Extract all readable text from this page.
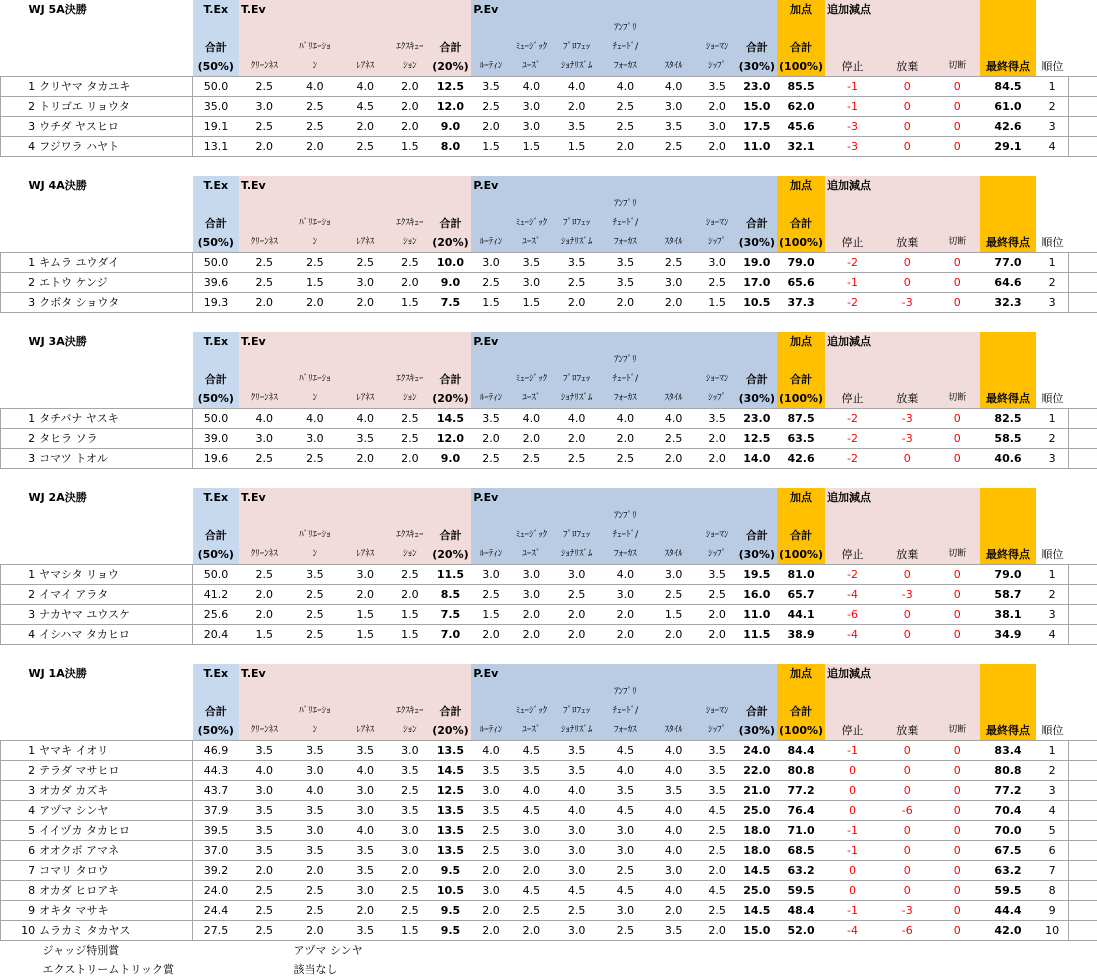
WJ 5A決勝		T.Ex	T.Ev					P.Ev							加点	追加減点					
											ｱﾝﾌﾟﾘ										
		合計		ﾊﾞﾘｴｰｼｮ		ｴｸｽｷｭｰ	合計		ﾐｭｰｼﾞｯｸ	ﾌﾟﾛﾌｪｯ	ﾁｭｰﾄﾞ/		ｼｮｰﾏﾝ	合計	合計						
		(50%)	ｸﾘｰﾝﾈｽ	ﾝ	ﾚｱﾈｽ	ｼｮﾝ	(20%)	ﾙｰﾃｨﾝ	ﾕｰｽﾞ	ｼｮﾅﾘｽﾞﾑ	ﾌｫｰｶｽ	ｽﾀｲﾙ	ｼｯﾌﾟ	(30%)	(100%)	停止	放棄	切断	最終得点	順位	
1	クリヤマ タカユキ	50.0	2.5	4.0	4.0	2.0	12.5	3.5	4.0	4.0	4.0	4.0	3.5	23.0	85.5	-1	0	0	84.5	1	
2	トリゴエ リョウタ	35.0	3.0	2.5	4.5	2.0	12.0	2.5	3.0	2.0	2.5	3.0	2.0	15.0	62.0	-1	0	0	61.0	2	
3	ウチダ ヤスヒロ	19.1	2.5	2.5	2.0	2.0	9.0	2.0	3.0	3.5	2.5	3.5	3.0	17.5	45.6	-3	0	0	42.6	3	
4	フジワラ ハヤト	13.1	2.0	2.0	2.5	1.5	8.0	1.5	1.5	1.5	2.0	2.5	2.0	11.0	32.1	-3	0	0	29.1	4	

WJ 4A決勝		T.Ex	T.Ev					P.Ev							加点	追加減点					
											ｱﾝﾌﾟﾘ										
		合計		ﾊﾞﾘｴｰｼｮ		ｴｸｽｷｭｰ	合計		ﾐｭｰｼﾞｯｸ	ﾌﾟﾛﾌｪｯ	ﾁｭｰﾄﾞ/		ｼｮｰﾏﾝ	合計	合計						
		(50%)	ｸﾘｰﾝﾈｽ	ﾝ	ﾚｱﾈｽ	ｼｮﾝ	(20%)	ﾙｰﾃｨﾝ	ﾕｰｽﾞ	ｼｮﾅﾘｽﾞﾑ	ﾌｫｰｶｽ	ｽﾀｲﾙ	ｼｯﾌﾟ	(30%)	(100%)	停止	放棄	切断	最終得点	順位	
1	キムラ ユウダイ	50.0	2.5	2.5	2.5	2.5	10.0	3.0	3.5	3.5	3.5	2.5	3.0	19.0	79.0	-2	0	0	77.0	1	
2	エトウ ケンジ	39.6	2.5	1.5	3.0	2.0	9.0	2.5	3.0	2.5	3.5	3.0	2.5	17.0	65.6	-1	0	0	64.6	2	
3	クボタ ショウタ	19.3	2.0	2.0	2.0	1.5	7.5	1.5	1.5	2.0	2.0	2.0	1.5	10.5	37.3	-2	-3	0	32.3	3	

WJ 3A決勝		T.Ex	T.Ev					P.Ev							加点	追加減点					
											ｱﾝﾌﾟﾘ										
		合計		ﾊﾞﾘｴｰｼｮ		ｴｸｽｷｭｰ	合計		ﾐｭｰｼﾞｯｸ	ﾌﾟﾛﾌｪｯ	ﾁｭｰﾄﾞ/		ｼｮｰﾏﾝ	合計	合計						
		(50%)	ｸﾘｰﾝﾈｽ	ﾝ	ﾚｱﾈｽ	ｼｮﾝ	(20%)	ﾙｰﾃｨﾝ	ﾕｰｽﾞ	ｼｮﾅﾘｽﾞﾑ	ﾌｫｰｶｽ	ｽﾀｲﾙ	ｼｯﾌﾟ	(30%)	(100%)	停止	放棄	切断	最終得点	順位	
1	タチバナ ヤスキ	50.0	4.0	4.0	4.0	2.5	14.5	3.5	4.0	4.0	4.0	4.0	3.5	23.0	87.5	-2	-3	0	82.5	1	
2	タヒラ ソラ	39.0	3.0	3.0	3.5	2.5	12.0	2.0	2.0	2.0	2.0	2.5	2.0	12.5	63.5	-2	-3	0	58.5	2	
3	コマツ トオル	19.6	2.5	2.5	2.0	2.0	9.0	2.5	2.5	2.5	2.5	2.0	2.0	14.0	42.6	-2	0	0	40.6	3	

WJ 2A決勝		T.Ex	T.Ev					P.Ev							加点	追加減点					
											ｱﾝﾌﾟﾘ										
		合計		ﾊﾞﾘｴｰｼｮ		ｴｸｽｷｭｰ	合計		ﾐｭｰｼﾞｯｸ	ﾌﾟﾛﾌｪｯ	ﾁｭｰﾄﾞ/		ｼｮｰﾏﾝ	合計	合計						
		(50%)	ｸﾘｰﾝﾈｽ	ﾝ	ﾚｱﾈｽ	ｼｮﾝ	(20%)	ﾙｰﾃｨﾝ	ﾕｰｽﾞ	ｼｮﾅﾘｽﾞﾑ	ﾌｫｰｶｽ	ｽﾀｲﾙ	ｼｯﾌﾟ	(30%)	(100%)	停止	放棄	切断	最終得点	順位	
1	ヤマシタ リョウ	50.0	2.5	3.5	3.0	2.5	11.5	3.0	3.0	3.0	4.0	3.0	3.5	19.5	81.0	-2	0	0	79.0	1	
2	イマイ アラタ	41.2	2.0	2.5	2.0	2.0	8.5	2.5	3.0	2.5	3.0	2.5	2.5	16.0	65.7	-4	-3	0	58.7	2	
3	ナカヤマ ユウスケ	25.6	2.0	2.5	1.5	1.5	7.5	1.5	2.0	2.0	2.0	1.5	2.0	11.0	44.1	-6	0	0	38.1	3	
4	イシハマ タカヒロ	20.4	1.5	2.5	1.5	1.5	7.0	2.0	2.0	2.0	2.0	2.0	2.0	11.5	38.9	-4	0	0	34.9	4	

WJ 1A決勝		T.Ex	T.Ev					P.Ev							加点	追加減点					
											ｱﾝﾌﾟﾘ										
		合計		ﾊﾞﾘｴｰｼｮ		ｴｸｽｷｭｰ	合計		ﾐｭｰｼﾞｯｸ	ﾌﾟﾛﾌｪｯ	ﾁｭｰﾄﾞ/		ｼｮｰﾏﾝ	合計	合計						
		(50%)	ｸﾘｰﾝﾈｽ	ﾝ	ﾚｱﾈｽ	ｼｮﾝ	(20%)	ﾙｰﾃｨﾝ	ﾕｰｽﾞ	ｼｮﾅﾘｽﾞﾑ	ﾌｫｰｶｽ	ｽﾀｲﾙ	ｼｯﾌﾟ	(30%)	(100%)	停止	放棄	切断	最終得点	順位	
1	ヤマキ イオリ	46.9	3.5	3.5	3.5	3.0	13.5	4.0	4.5	3.5	4.5	4.0	3.5	24.0	84.4	-1	0	0	83.4	1	
2	テラダ マサヒロ	44.3	4.0	3.0	4.0	3.5	14.5	3.5	3.5	3.5	4.0	4.0	3.5	22.0	80.8	0	0	0	80.8	2	
3	オカダ カズキ	43.7	3.0	4.0	3.0	2.5	12.5	3.0	4.0	4.0	3.5	3.5	3.5	21.0	77.2	0	0	0	77.2	3	
4	アヅマ シンヤ	37.9	3.5	3.5	3.0	3.5	13.5	3.5	4.5	4.0	4.5	4.0	4.5	25.0	76.4	0	-6	0	70.4	4	
5	イイヅカ タカヒロ	39.5	3.5	3.0	4.0	3.0	13.5	2.5	3.0	3.0	3.0	4.0	2.5	18.0	71.0	-1	0	0	70.0	5	
6	オオクボ アマネ	37.0	3.5	3.5	3.5	3.0	13.5	2.5	3.0	3.0	3.0	4.0	2.5	18.0	68.5	-1	0	0	67.5	6	
7	コマリ タロウ	39.2	2.0	2.0	3.5	2.0	9.5	2.0	2.0	3.0	2.5	3.0	2.0	14.5	63.2	0	0	0	63.2	7	
8	オカダ ヒロアキ	24.0	2.5	2.5	3.0	2.5	10.5	3.0	4.5	4.5	4.5	4.0	4.5	25.0	59.5	0	0	0	59.5	8	
9	オキタ マサキ	24.4	2.5	2.5	2.0	2.5	9.5	2.0	2.5	2.5	3.0	2.0	2.5	14.5	48.4	-1	-3	0	44.4	9	
10	ムラカミ タカヤス	27.5	2.5	2.0	3.5	1.5	9.5	2.0	2.0	3.0	2.5	3.5	2.0	15.0	52.0	-4	-6	0	42.0	10	
ジャッジ特別賞				アヅマ シンヤ																	
エクストリームトリック賞				該当なし																	
